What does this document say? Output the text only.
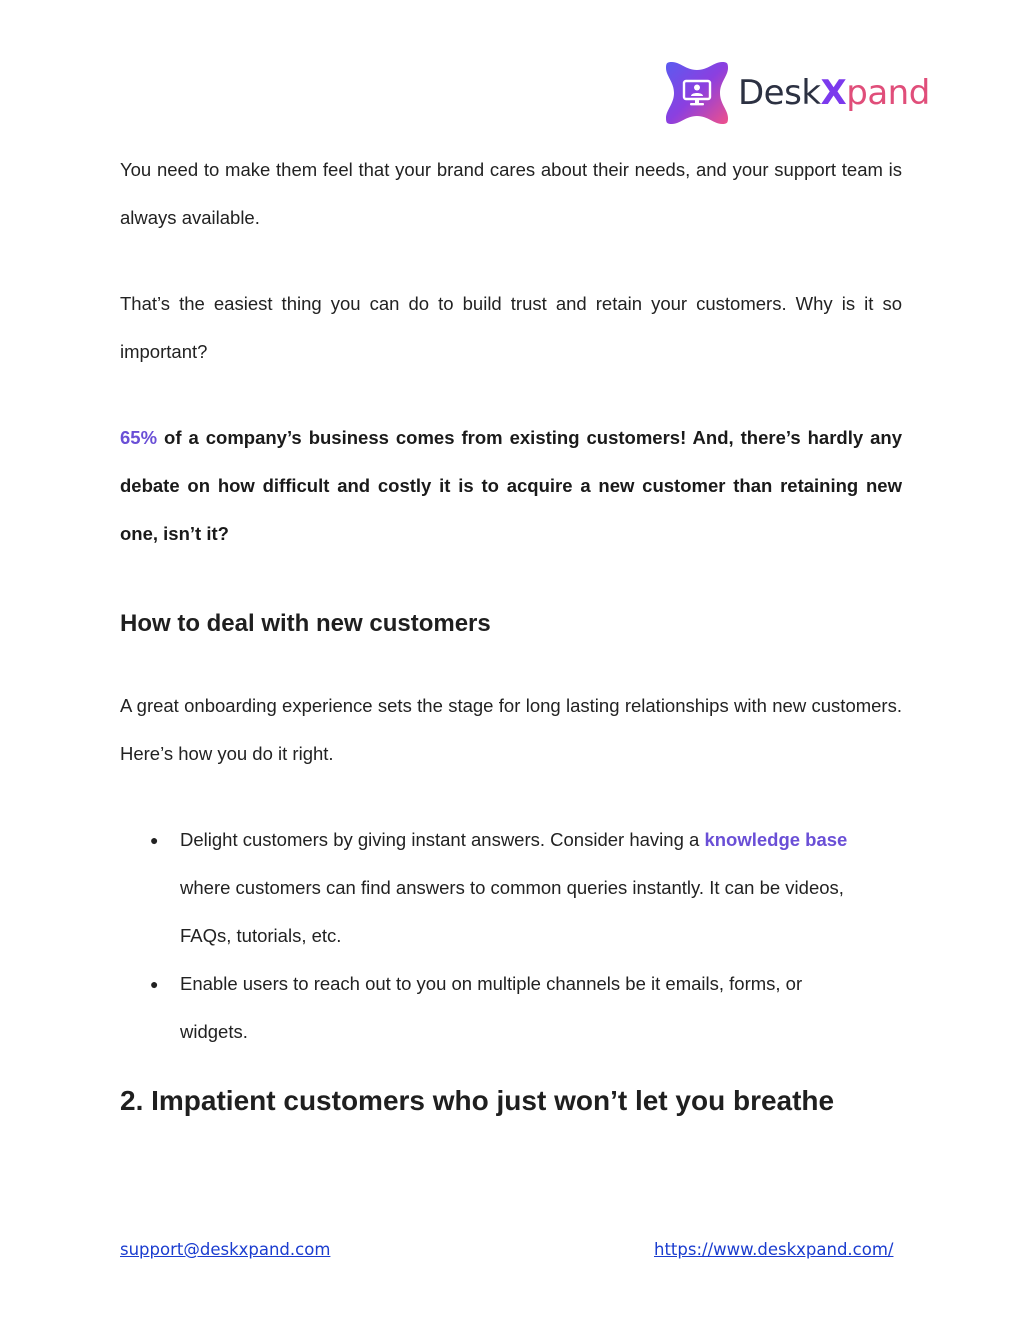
Desk X pand

You need to make them feel that your brand cares about their needs, and your support team is always available.

That’s the easiest thing you can do to build trust and retain your customers. Why is it so important?

65% of a company’s business comes from existing customers! And, there’s hardly any debate on how difficult and costly it is to acquire a new customer than retaining new one, isn’t it?

How to deal with new customers

A great onboarding experience sets the stage for long lasting relationships with new customers. Here’s how you do it right.

● Delight customers by giving instant answers. Consider having a knowledge base where customers can find answers to common queries instantly. It can be videos, FAQs, tutorials, etc.
● Enable users to reach out to you on multiple channels be it emails, forms, or widgets.
2. Impatient customers who just won’t let you breathe
support@deskxpand.com	https://www.deskxpand.com/
